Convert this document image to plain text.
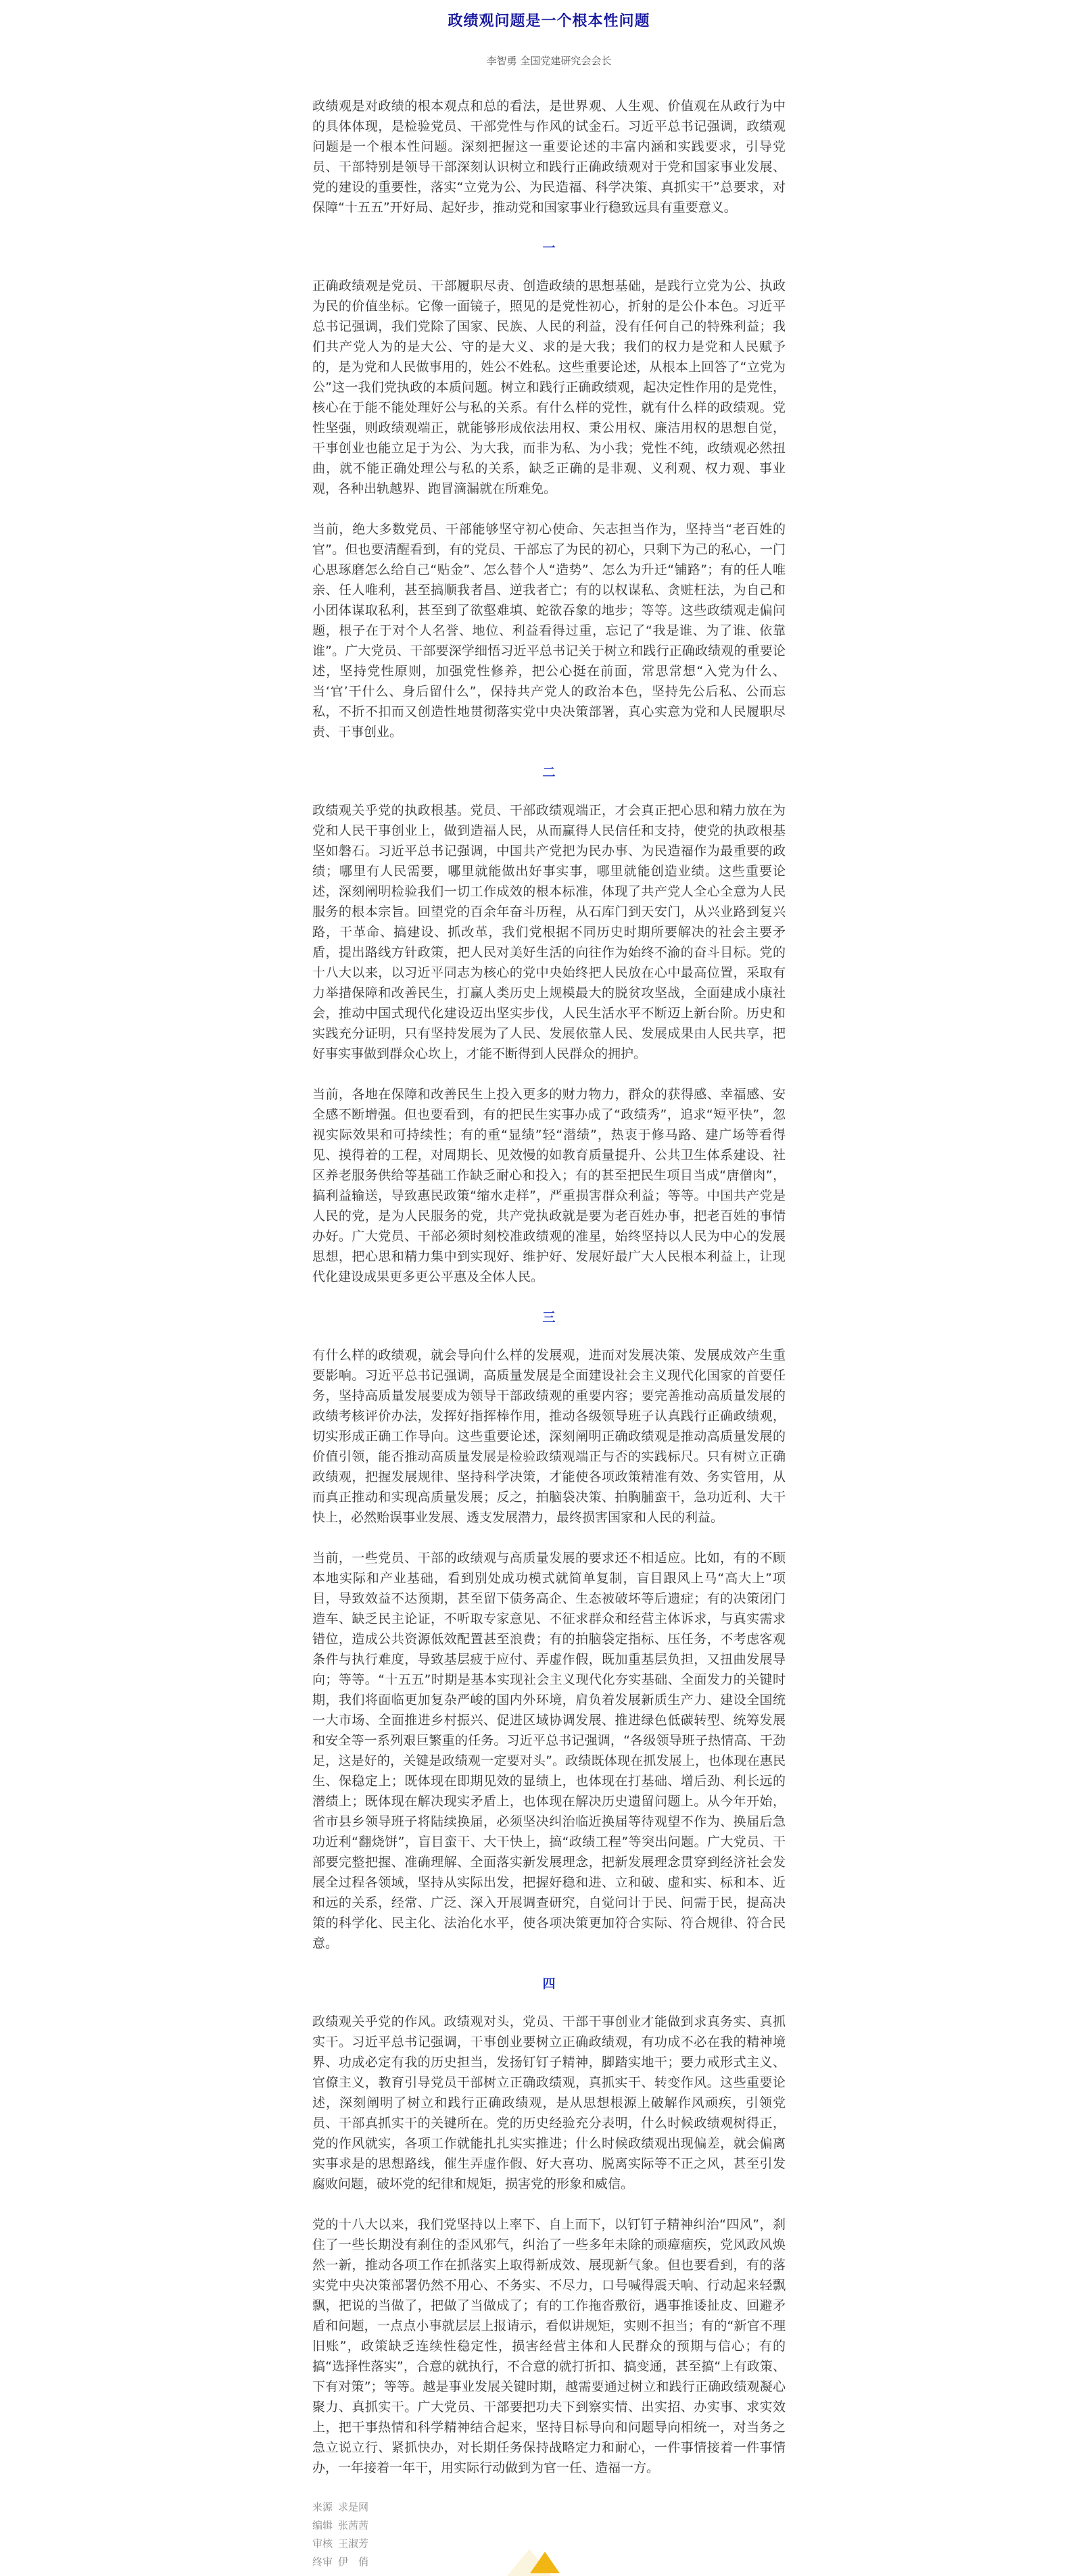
政绩观问题是一个根本性问题
李智勇 全国党建研究会会长

政绩观是对政绩的根本观点和总的看法，是世界观、人生观、价值观在从政行为中的具体体现，是检验党员、干部党性与作风的试金石。习近平总书记强调，政绩观问题是一个根本性问题。深刻把握这一重要论述的丰富内涵和实践要求，引导党员、干部特别是领导干部深刻认识树立和践行正确政绩观对于党和国家事业发展、党的建设的重要性，落实“立党为公、为民造福、科学决策、真抓实干”总要求，对保障“十五五”开好局、起好步，推动党和国家事业行稳致远具有重要意义。

一

正确政绩观是党员、干部履职尽责、创造政绩的思想基础，是践行立党为公、执政为民的价值坐标。它像一面镜子，照见的是党性初心，折射的是公仆本色。习近平总书记强调，我们党除了国家、民族、人民的利益，没有任何自己的特殊利益；我们共产党人为的是大公、守的是大义、求的是大我；我们的权力是党和人民赋予的，是为党和人民做事用的，姓公不姓私。这些重要论述，从根本上回答了“立党为公”这一我们党执政的本质问题。树立和践行正确政绩观，起决定性作用的是党性，核心在于能不能处理好公与私的关系。有什么样的党性，就有什么样的政绩观。党性坚强，则政绩观端正，就能够形成依法用权、秉公用权、廉洁用权的思想自觉，干事创业也能立足于为公、为大我，而非为私、为小我；党性不纯，政绩观必然扭曲，就不能正确处理公与私的关系，缺乏正确的是非观、义利观、权力观、事业观，各种出轨越界、跑冒滴漏就在所难免。

当前，绝大多数党员、干部能够坚守初心使命、矢志担当作为，坚持当“老百姓的官”。但也要清醒看到，有的党员、干部忘了为民的初心，只剩下为己的私心，一门心思琢磨怎么给自己“贴金”、怎么替个人“造势”、怎么为升迁“铺路”；有的任人唯亲、任人唯利，甚至搞顺我者昌、逆我者亡；有的以权谋私、贪赃枉法，为自己和小团体谋取私利，甚至到了欲壑难填、蛇欲吞象的地步；等等。这些政绩观走偏问题，根子在于对个人名誉、地位、利益看得过重，忘记了“我是谁、为了谁、依靠谁”。广大党员、干部要深学细悟习近平总书记关于树立和践行正确政绩观的重要论述，坚持党性原则，加强党性修养，把公心挺在前面，常思常想“入党为什么、当‘官’干什么、身后留什么”，保持共产党人的政治本色，坚持先公后私、公而忘私，不折不扣而又创造性地贯彻落实党中央决策部署，真心实意为党和人民履职尽责、干事创业。

二

政绩观关乎党的执政根基。党员、干部政绩观端正，才会真正把心思和精力放在为党和人民干事创业上，做到造福人民，从而赢得人民信任和支持，使党的执政根基坚如磐石。习近平总书记强调，中国共产党把为民办事、为民造福作为最重要的政绩；哪里有人民需要，哪里就能做出好事实事，哪里就能创造业绩。这些重要论述，深刻阐明检验我们一切工作成效的根本标准，体现了共产党人全心全意为人民服务的根本宗旨。回望党的百余年奋斗历程，从石库门到天安门，从兴业路到复兴路，干革命、搞建设、抓改革，我们党根据不同历史时期所要解决的社会主要矛盾，提出路线方针政策，把人民对美好生活的向往作为始终不渝的奋斗目标。党的十八大以来，以习近平同志为核心的党中央始终把人民放在心中最高位置，采取有力举措保障和改善民生，打赢人类历史上规模最大的脱贫攻坚战，全面建成小康社会，推动中国式现代化建设迈出坚实步伐，人民生活水平不断迈上新台阶。历史和实践充分证明，只有坚持发展为了人民、发展依靠人民、发展成果由人民共享，把好事实事做到群众心坎上，才能不断得到人民群众的拥护。

当前，各地在保障和改善民生上投入更多的财力物力，群众的获得感、幸福感、安全感不断增强。但也要看到，有的把民生实事办成了“政绩秀”，追求“短平快”，忽视实际效果和可持续性；有的重“显绩”轻“潜绩”，热衷于修马路、建广场等看得见、摸得着的工程，对周期长、见效慢的如教育质量提升、公共卫生体系建设、社区养老服务供给等基础工作缺乏耐心和投入；有的甚至把民生项目当成“唐僧肉”，搞利益输送，导致惠民政策“缩水走样”，严重损害群众利益；等等。中国共产党是人民的党，是为人民服务的党，共产党执政就是要为老百姓办事，把老百姓的事情办好。广大党员、干部必须时刻校准政绩观的准星，始终坚持以人民为中心的发展思想，把心思和精力集中到实现好、维护好、发展好最广大人民根本利益上，让现代化建设成果更多更公平惠及全体人民。

三

有什么样的政绩观，就会导向什么样的发展观，进而对发展决策、发展成效产生重要影响。习近平总书记强调，高质量发展是全面建设社会主义现代化国家的首要任务，坚持高质量发展要成为领导干部政绩观的重要内容；要完善推动高质量发展的政绩考核评价办法，发挥好指挥棒作用，推动各级领导班子认真践行正确政绩观，切实形成正确工作导向。这些重要论述，深刻阐明正确政绩观是推动高质量发展的价值引领，能否推动高质量发展是检验政绩观端正与否的实践标尺。只有树立正确政绩观，把握发展规律、坚持科学决策，才能使各项政策精准有效、务实管用，从而真正推动和实现高质量发展；反之，拍脑袋决策、拍胸脯蛮干，急功近利、大干快上，必然贻误事业发展、透支发展潜力，最终损害国家和人民的利益。

当前，一些党员、干部的政绩观与高质量发展的要求还不相适应。比如，有的不顾本地实际和产业基础，看到别处成功模式就简单复制，盲目跟风上马“高大上”项目，导致效益不达预期，甚至留下债务高企、生态被破坏等后遗症；有的决策闭门造车、缺乏民主论证，不听取专家意见、不征求群众和经营主体诉求，与真实需求错位，造成公共资源低效配置甚至浪费；有的拍脑袋定指标、压任务，不考虑客观条件与执行难度，导致基层疲于应付、弄虚作假，既加重基层负担，又扭曲发展导向；等等。“十五五”时期是基本实现社会主义现代化夯实基础、全面发力的关键时期，我们将面临更加复杂严峻的国内外环境，肩负着发展新质生产力、建设全国统一大市场、全面推进乡村振兴、促进区域协调发展、推进绿色低碳转型、统筹发展和安全等一系列艰巨繁重的任务。习近平总书记强调，“各级领导班子热情高、干劲足，这是好的，关键是政绩观一定要对头”。政绩既体现在抓发展上，也体现在惠民生、保稳定上；既体现在即期见效的显绩上，也体现在打基础、增后劲、利长远的潜绩上；既体现在解决现实矛盾上，也体现在解决历史遗留问题上。从今年开始，省市县乡领导班子将陆续换届，必须坚决纠治临近换届等待观望不作为、换届后急功近利“翻烧饼”，盲目蛮干、大干快上，搞“政绩工程”等突出问题。广大党员、干部要完整把握、准确理解、全面落实新发展理念，把新发展理念贯穿到经济社会发展全过程各领域，坚持从实际出发，把握好稳和进、立和破、虚和实、标和本、近和远的关系，经常、广泛、深入开展调查研究，自觉问计于民、问需于民，提高决策的科学化、民主化、法治化水平，使各项决策更加符合实际、符合规律、符合民意。

四

政绩观关乎党的作风。政绩观对头，党员、干部干事创业才能做到求真务实、真抓实干。习近平总书记强调，干事创业要树立正确政绩观，有功成不必在我的精神境界、功成必定有我的历史担当，发扬钉钉子精神，脚踏实地干；要力戒形式主义、官僚主义，教育引导党员干部树立正确政绩观，真抓实干、转变作风。这些重要论述，深刻阐明了树立和践行正确政绩观，是从思想根源上破解作风顽疾，引领党员、干部真抓实干的关键所在。党的历史经验充分表明，什么时候政绩观树得正，党的作风就实，各项工作就能扎扎实实推进；什么时候政绩观出现偏差，就会偏离实事求是的思想路线，催生弄虚作假、好大喜功、脱离实际等不正之风，甚至引发腐败问题，破坏党的纪律和规矩，损害党的形象和威信。

党的十八大以来，我们党坚持以上率下、自上而下，以钉钉子精神纠治“四风”，刹住了一些长期没有刹住的歪风邪气，纠治了一些多年未除的顽瘴痼疾，党风政风焕然一新，推动各项工作在抓落实上取得新成效、展现新气象。但也要看到，有的落实党中央决策部署仍然不用心、不务实、不尽力，口号喊得震天响、行动起来轻飘飘，把说的当做了，把做了当做成了；有的工作拖沓敷衍，遇事推诿扯皮、回避矛盾和问题，一点点小事就层层上报请示，看似讲规矩，实则不担当；有的“新官不理旧账”，政策缺乏连续性稳定性，损害经营主体和人民群众的预期与信心；有的搞“选择性落实”，合意的就执行，不合意的就打折扣、搞变通，甚至搞“上有政策、下有对策”；等等。越是事业发展关键时期，越需要通过树立和践行正确政绩观凝心聚力、真抓实干。广大党员、干部要把功夫下到察实情、出实招、办实事、求实效上，把干事热情和科学精神结合起来，坚持目标导向和问题导向相统一，对当务之急立说立行、紧抓快办，对长期任务保持战略定力和耐心，一件事情接着一件事情办，一年接着一年干，用实际行动做到为官一任、造福一方。

来源 求是网
编辑 张茜茜
审核 王淑芳
终审 伊　俏
